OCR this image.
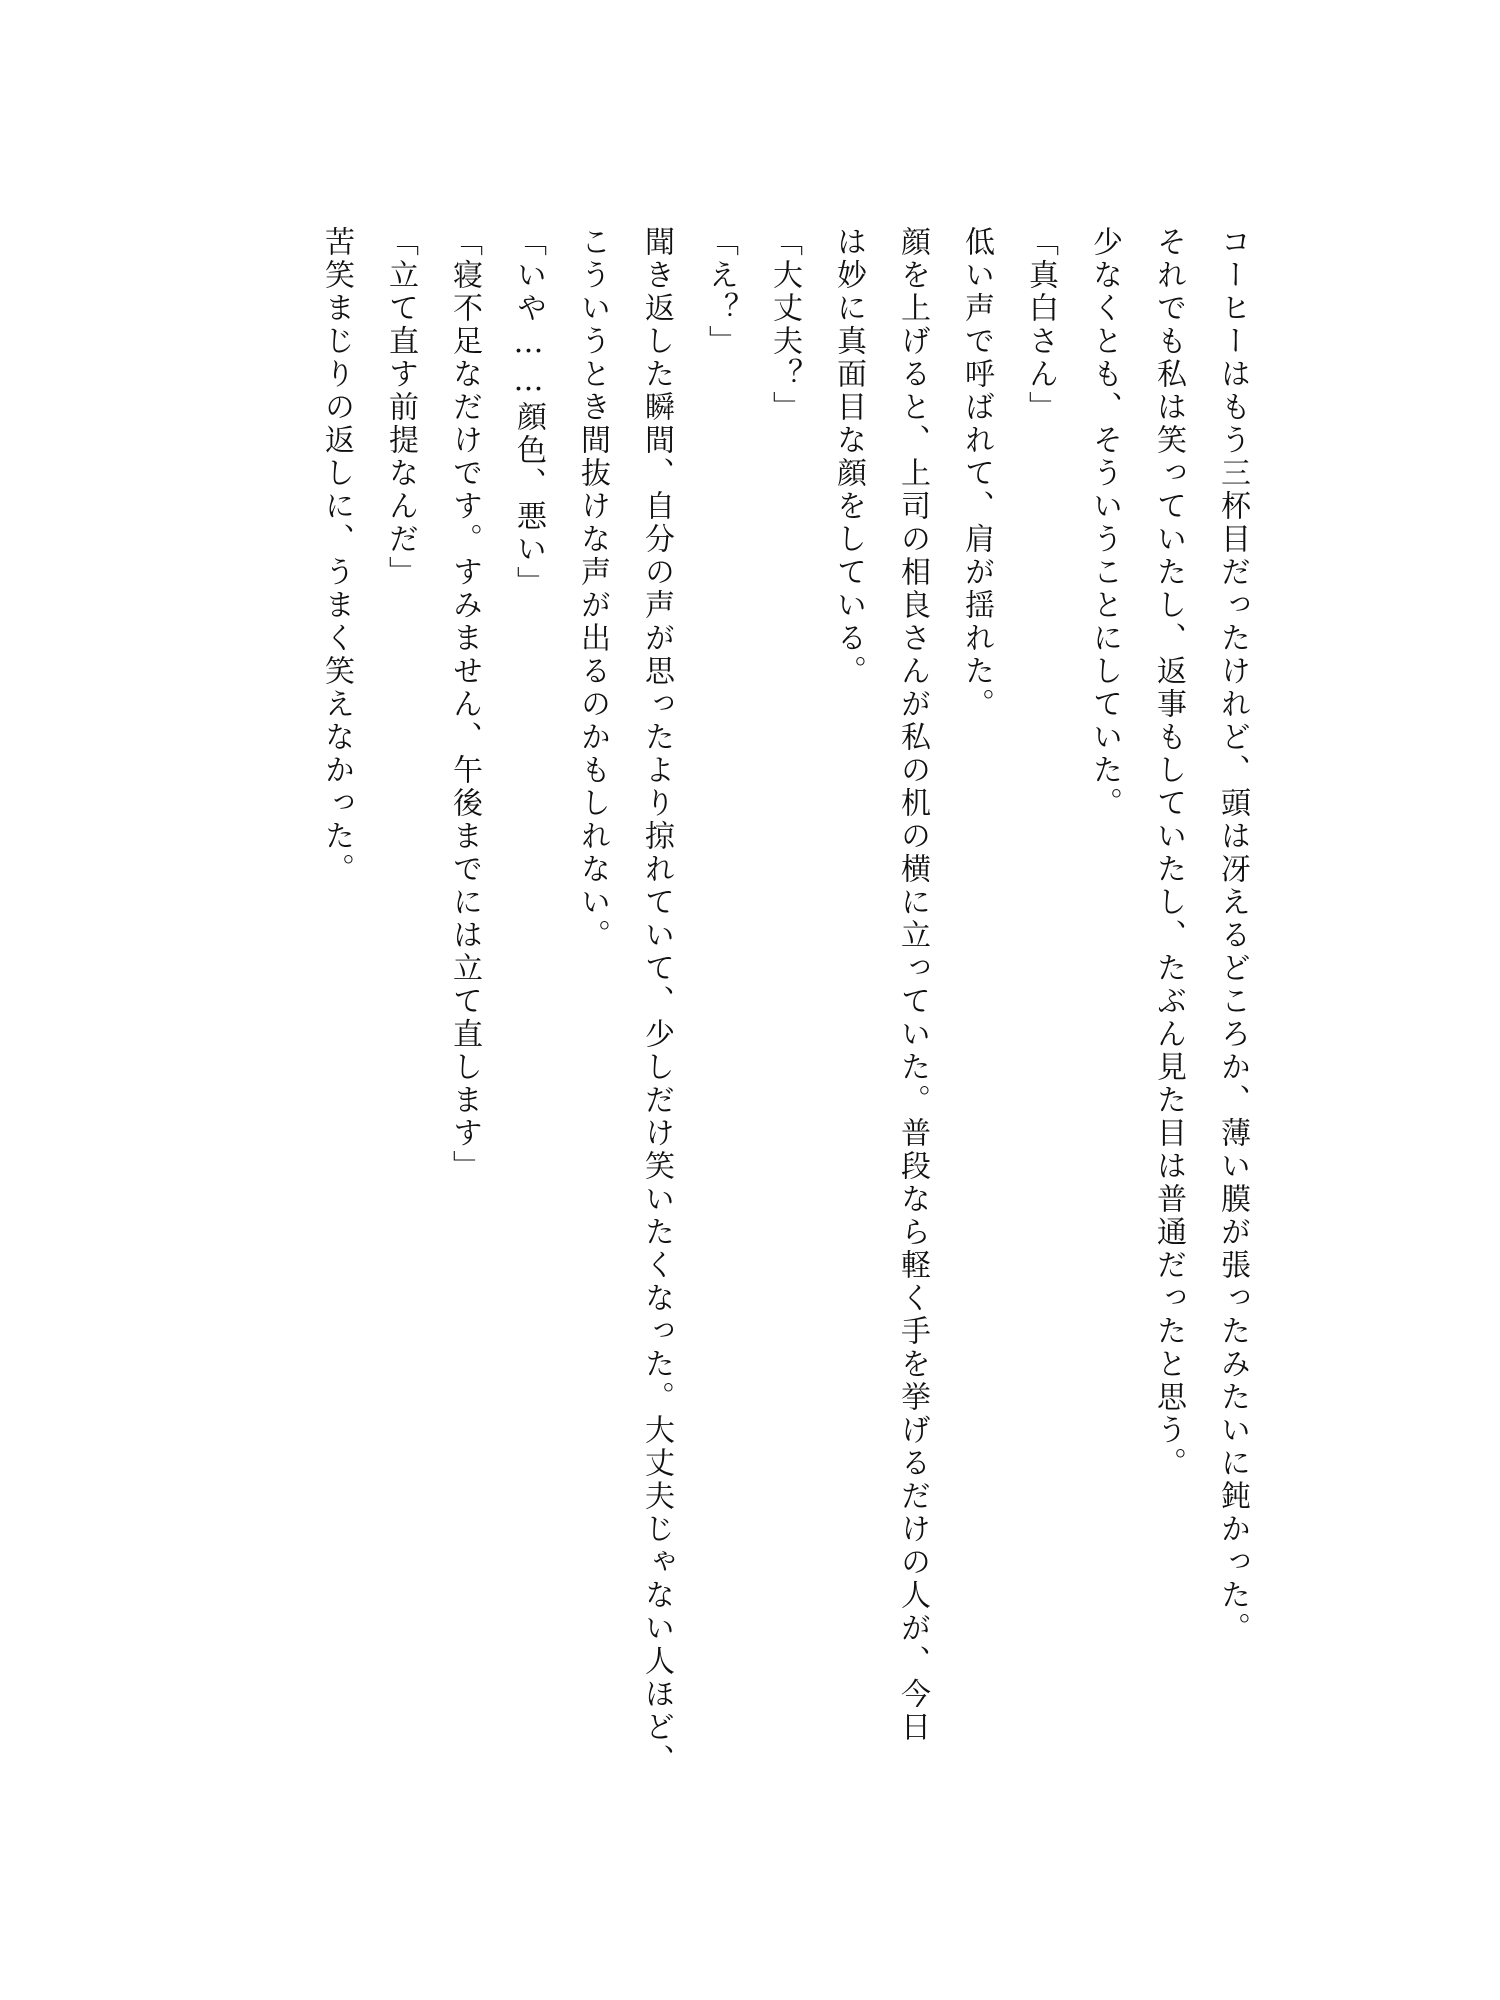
コーヒーはもう三杯目だったけれど、頭は冴えるどころか、薄い膜が張ったみたいに鈍かった。
それでも私は笑っていたし、返事もしていたし、たぶん見た目は普通だったと思う。
少なくとも、そういうことにしていた。
「真白さん」
低い声で呼ばれて、肩が揺れた。
顔を上げると、上司の相良さんが私の机の横に立っていた。普段なら軽く手を挙げるだけの人が、今日
は妙に真面目な顔をしている。
「大丈夫？」
「え？」
聞き返した瞬間、自分の声が思ったより掠れていて、少しだけ笑いたくなった。大丈夫じゃない人ほど、
こういうとき間抜けな声が出るのかもしれない。
「いや……顔色、悪い」
「寝不足なだけです。すみません、午後までには立て直します」
「立て直す前提なんだ」
苦笑まじりの返しに、うまく笑えなかった。
